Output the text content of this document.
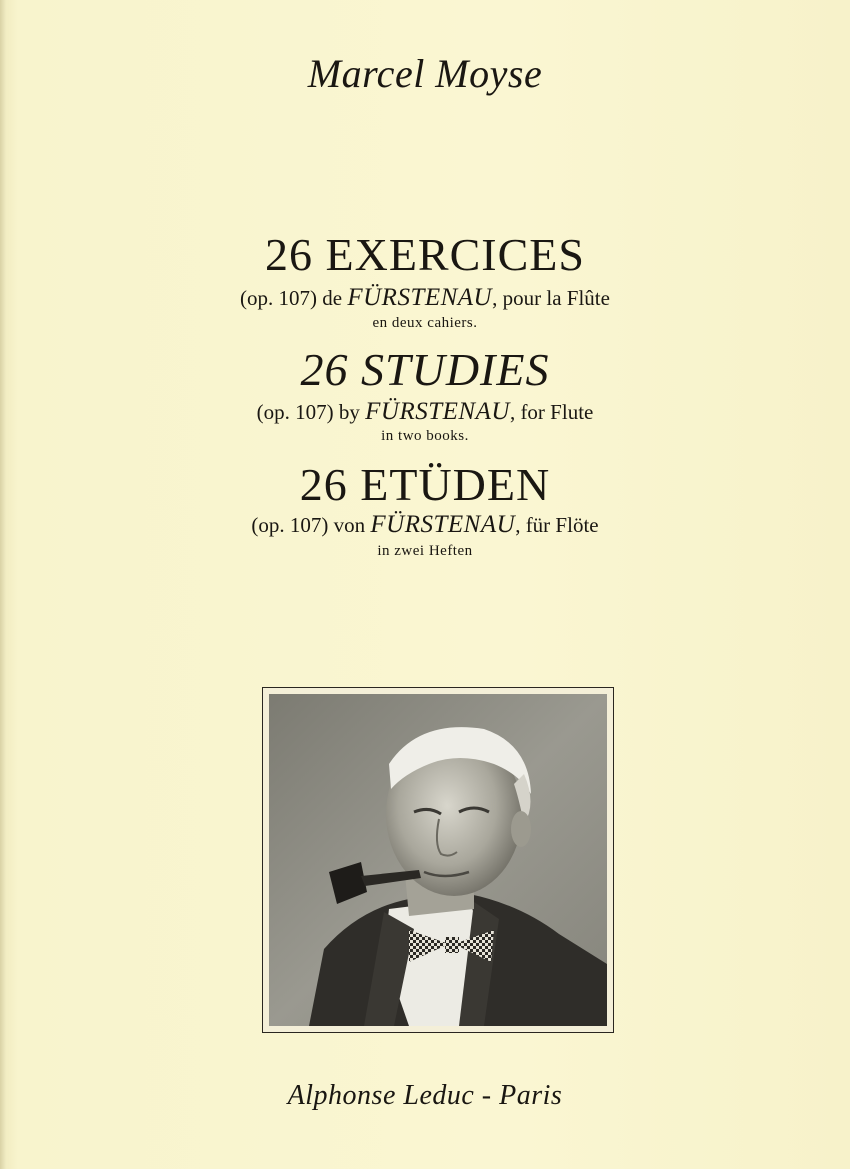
Marcel Moyse
26 EXERCICES
(op. 107) de FÜRSTENAU, pour la Flûte
en deux cahiers.
26 STUDIES
(op. 107) by FÜRSTENAU, for Flute
in two books.
26 ETÜDEN
(op. 107) von FÜRSTENAU, für Flöte
in zwei Heften
Alphonse Leduc - Paris
